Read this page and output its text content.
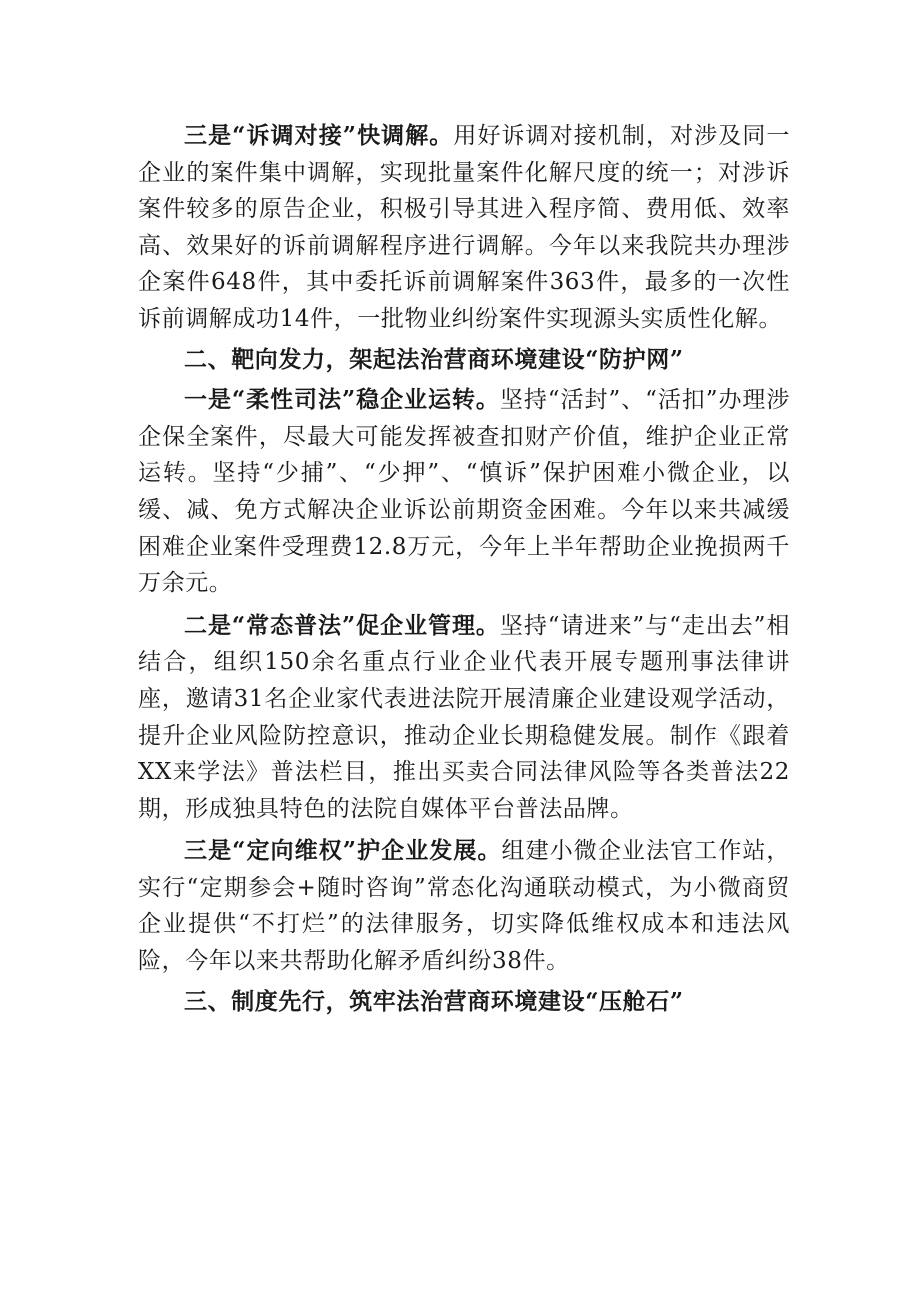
三是“诉调对接”快调解。用好诉调对接机制，对涉及同一企业的案件集中调解，实现批量案件化解尺度的统一；对涉诉案件较多的原告企业，积极引导其进入程序简、费用低、效率高、效果好的诉前调解程序进行调解。今年以来我院共办理涉企案件648件，其中委托诉前调解案件363件，最多的一次性诉前调解成功14件，一批物业纠纷案件实现源头实质性化解。

二、靶向发力，架起法治营商环境建设“防护网”

一是“柔性司法”稳企业运转。坚持“活封”、“活扣”办理涉企保全案件，尽最大可能发挥被查扣财产价值，维护企业正常运转。坚持“少捕”、“少押”、“慎诉”保护困难小微企业，以缓、减、免方式解决企业诉讼前期资金困难。今年以来共减缓困难企业案件受理费12.8万元，今年上半年帮助企业挽损两千万余元。

二是“常态普法”促企业管理。坚持“请进来”与“走出去”相结合，组织150余名重点行业企业代表开展专题刑事法律讲座，邀请31名企业家代表进法院开展清廉企业建设观学活动，提升企业风险防控意识，推动企业长期稳健发展。制作《跟着XX来学法》普法栏目，推出买卖合同法律风险等各类普法22期，形成独具特色的法院自媒体平台普法品牌。

三是“定向维权”护企业发展。组建小微企业法官工作站，实行“定期参会+随时咨询”常态化沟通联动模式，为小微商贸企业提供“不打烂”的法律服务，切实降低维权成本和违法风险，今年以来共帮助化解矛盾纠纷38件。

三、制度先行，筑牢法治营商环境建设“压舱石”
